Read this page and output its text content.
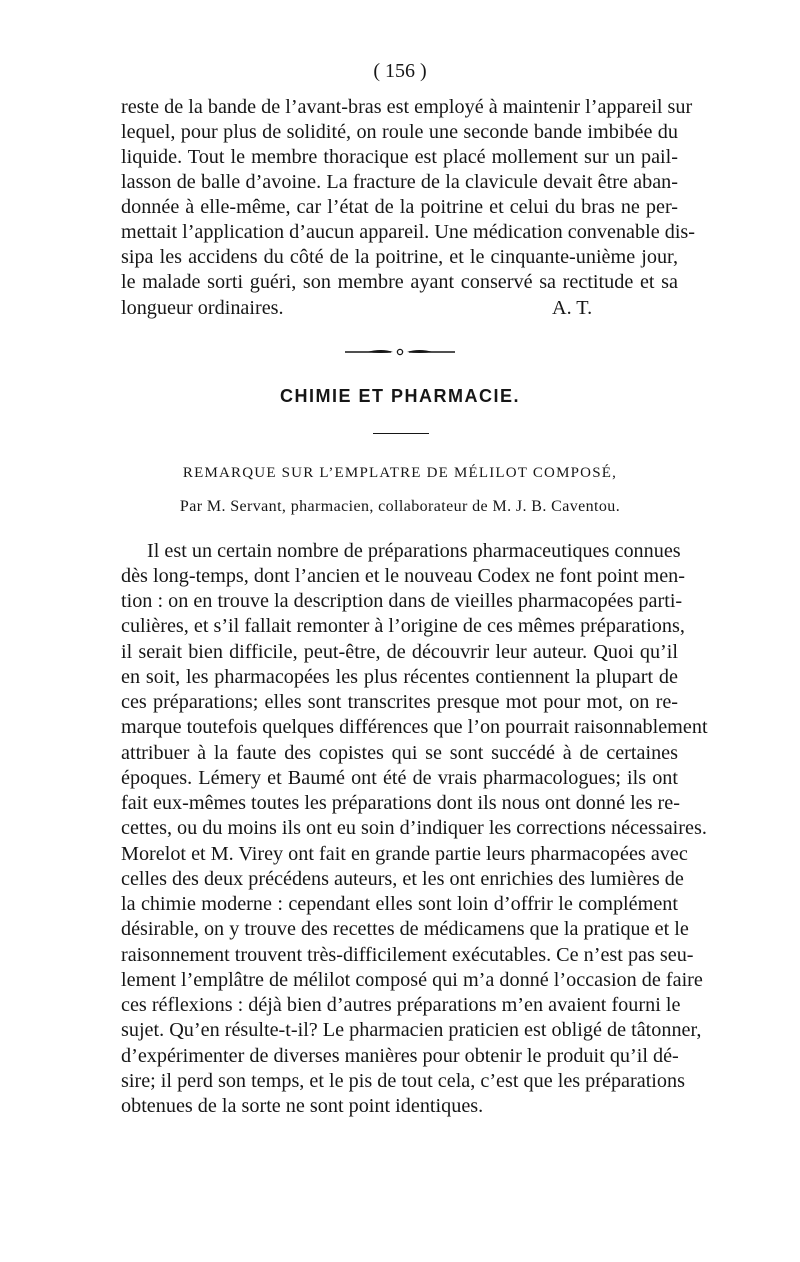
( 156 )
reste de la bande de l’avant-bras est employé à maintenir l’appareil sur
lequel, pour plus de solidité, on roule une seconde bande imbibée du
liquide. Tout le membre thoracique est placé mollement sur un pail-
lasson de balle d’avoine. La fracture de la clavicule devait être aban-
donnée à elle-même, car l’état de la poitrine et celui du bras ne per-
mettait l’application d’aucun appareil. Une médication convenable dis-
sipa les accidens du côté de la poitrine, et le cinquante-unième jour,
le malade sorti guéri, son membre ayant conservé sa rectitude et sa
longueur ordinaires.	A. T.
CHIMIE ET PHARMACIE.
REMARQUE SUR L’EMPLATRE DE MÉLILOT COMPOSÉ,
Par M. Servant, pharmacien, collaborateur de M. J. B. Caventou.
Il est un certain nombre de préparations pharmaceutiques connues
dès long-temps, dont l’ancien et le nouveau Codex ne font point men-
tion : on en trouve la description dans de vieilles pharmacopées parti-
culières, et s’il fallait remonter à l’origine de ces mêmes préparations,
il serait bien difficile, peut-être, de découvrir leur auteur. Quoi qu’il
en soit, les pharmacopées les plus récentes contiennent la plupart de
ces préparations; elles sont transcrites presque mot pour mot, on re-
marque toutefois quelques différences que l’on pourrait raisonnablement
attribuer à la faute des copistes qui se sont succédé à de certaines
époques. Lémery et Baumé ont été de vrais pharmacologues; ils ont
fait eux-mêmes toutes les préparations dont ils nous ont donné les re-
cettes, ou du moins ils ont eu soin d’indiquer les corrections nécessaires.
Morelot et M. Virey ont fait en grande partie leurs pharmacopées avec
celles des deux précédens auteurs, et les ont enrichies des lumières de
la chimie moderne : cependant elles sont loin d’offrir le complément
désirable, on y trouve des recettes de médicamens que la pratique et le
raisonnement trouvent très-difficilement exécutables. Ce n’est pas seu-
lement l’emplâtre de mélilot composé qui m’a donné l’occasion de faire
ces réflexions : déjà bien d’autres préparations m’en avaient fourni le
sujet. Qu’en résulte-t-il? Le pharmacien praticien est obligé de tâtonner,
d’expérimenter de diverses manières pour obtenir le produit qu’il dé-
sire; il perd son temps, et le pis de tout cela, c’est que les préparations
obtenues de la sorte ne sont point identiques.
